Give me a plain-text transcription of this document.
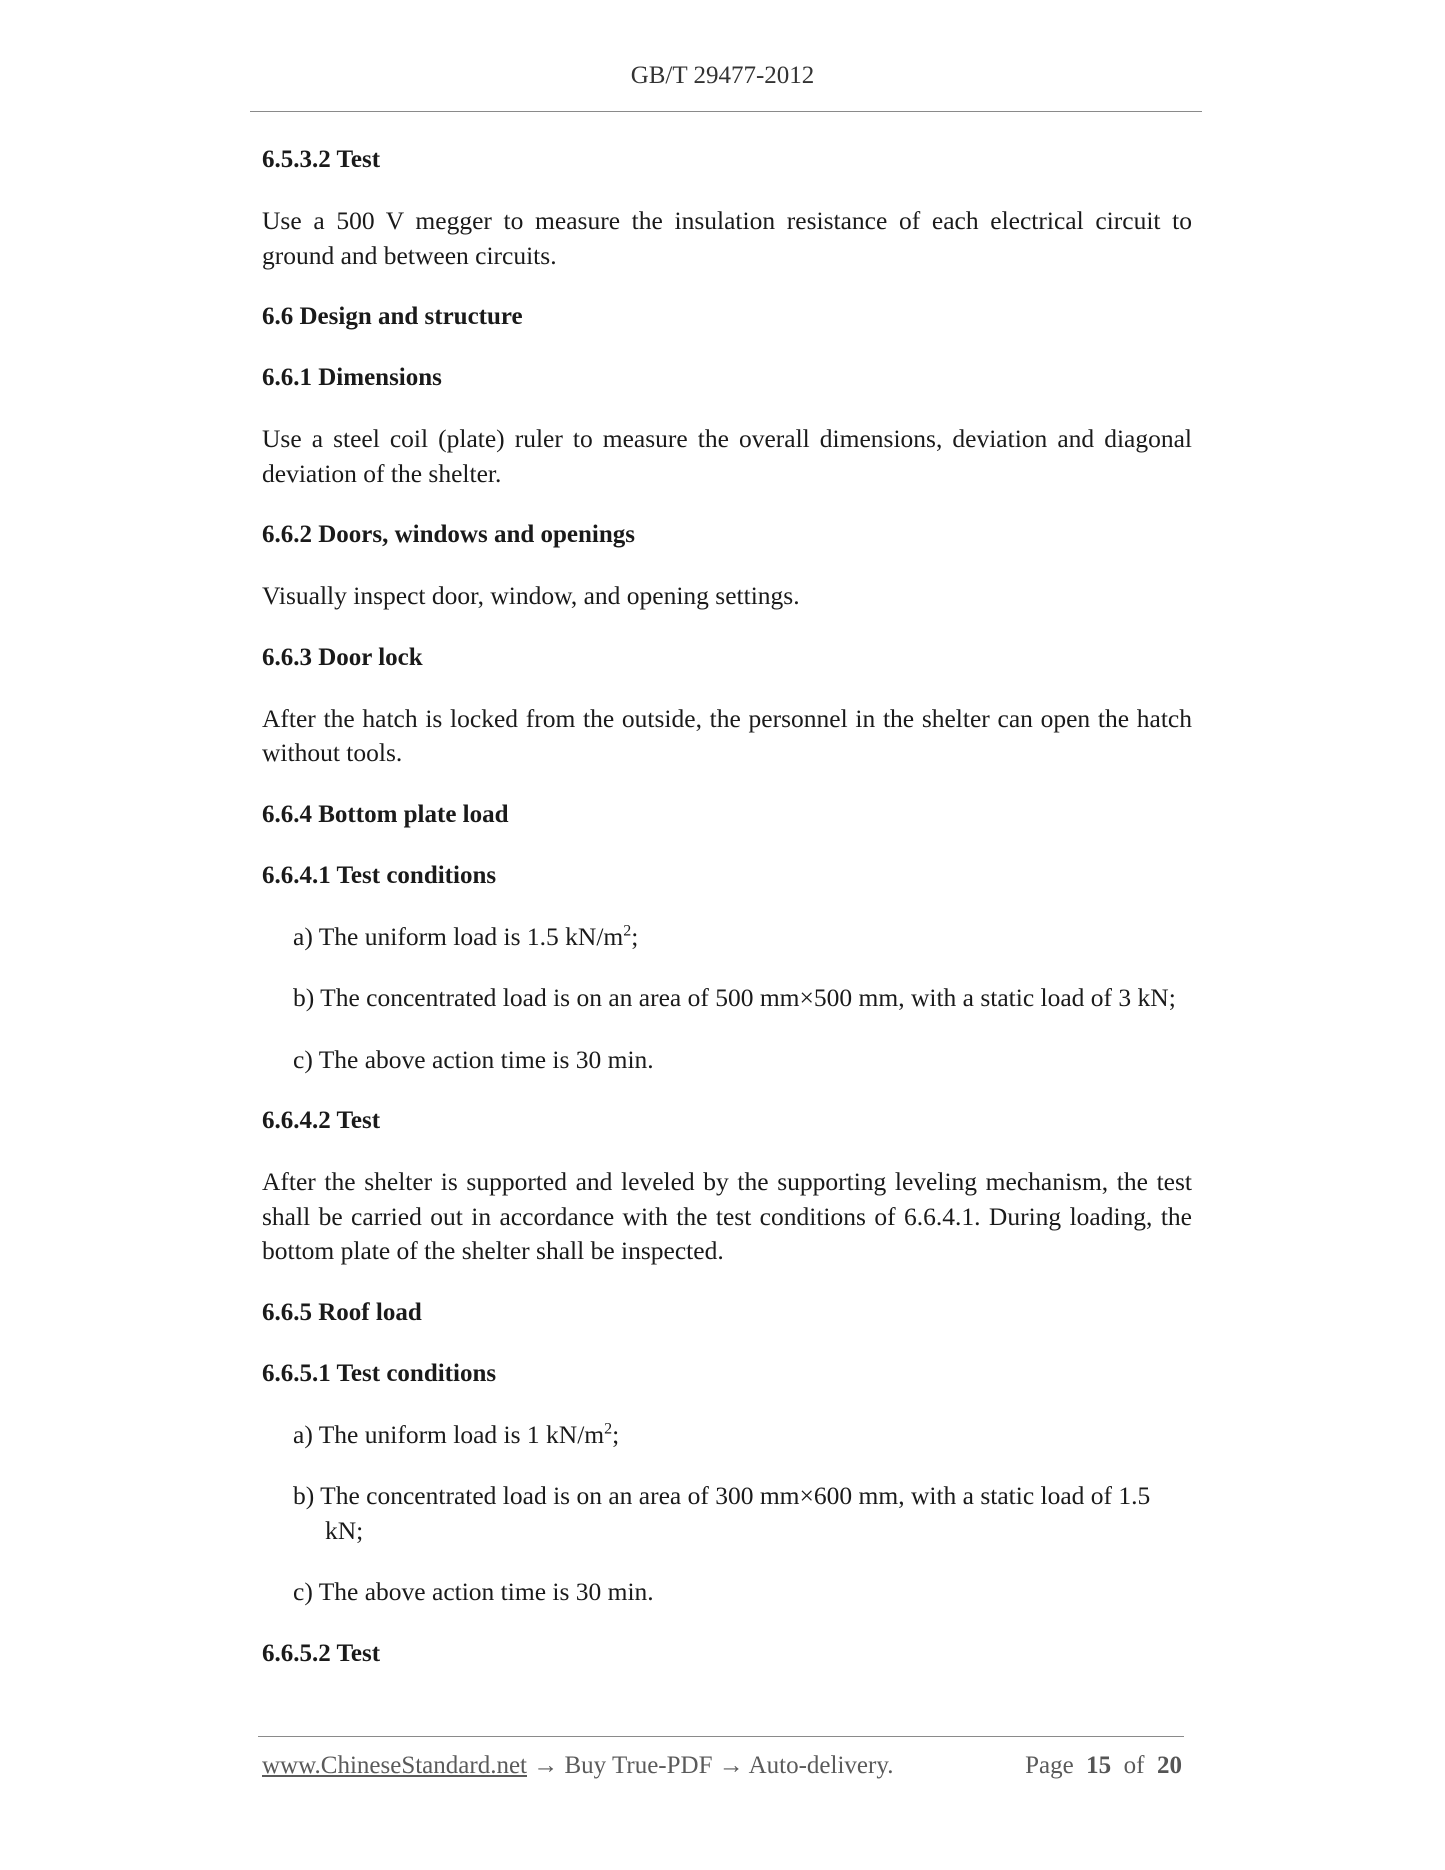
GB/T 29477-2012
6.5.3.2 Test
Use a 500 V megger to measure the insulation resistance of each electrical circuit to ground and between circuits.
6.6 Design and structure
6.6.1 Dimensions
Use a steel coil (plate) ruler to measure the overall dimensions, deviation and diagonal deviation of the shelter.
6.6.2 Doors, windows and openings
Visually inspect door, window, and opening settings.
6.6.3 Door lock
After the hatch is locked from the outside, the personnel in the shelter can open the hatch without tools.
6.6.4 Bottom plate load
6.6.4.1 Test conditions
a) The uniform load is 1.5 $kN/m^2$;
b) The concentrated load is on an area of 500 mm×500 mm, with a static load of 3 kN;
c) The above action time is 30 min.
6.6.4.2 Test
After the shelter is supported and leveled by the supporting leveling mechanism, the test shall be carried out in accordance with the test conditions of 6.6.4.1. During loading, the bottom plate of the shelter shall be inspected.
6.6.5 Roof load
6.6.5.1 Test conditions
a) The uniform load is 1 $kN/m^2$;
b) The concentrated load is on an area of 300 mm×600 mm, with a static load of 1.5 kN;
c) The above action time is 30 min.
6.6.5.2 Test
www.ChineseStandard.net → Buy True-PDF → Auto-delivery.	Page 15 of 20
